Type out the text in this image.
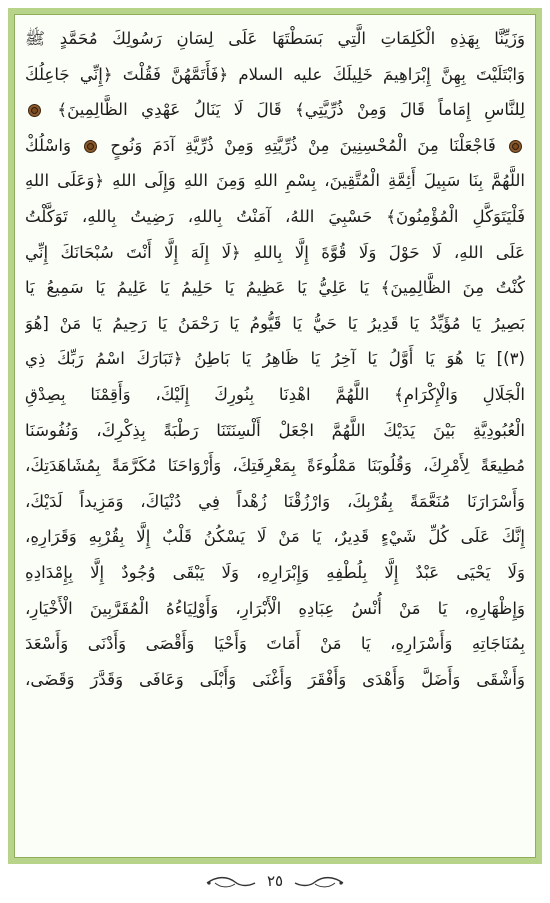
وَزَيِّنَّا بِهَذِهِ الْكَلِمَاتِ الَّتِي بَسَطْتَهَا عَلَى لِسَانِ رَسُولِكَ مُحَمَّدٍ ﷺ
وَابْتَلَيْتَ بِهِنَّ إِبْرَاهِيمَ خَلِيلَكَ عليه السلام ﴿فَأَتَمَّهُنَّ فَقُلْتَ ﴿إِنِّي جَاعِلُكَ
لِلنَّاسِ إِمَاماً قَالَ وَمِنْ ذُرِّيَّتِي﴾ قَالَ لَا يَنَالُ عَهْدِي الظَّالِمِينَ﴾
فَاجْعَلْنَا مِنَ الْمُحْسِنِينَ مِنْ ذُرِّيَّتِهِ وَمِنْ ذُرِّيَّةِ آدَمَ وَنُوحٍ  وَاسْلُكْ
اللَّهُمَّ بِنَا سَبِيلَ أَئِمَّةِ الْمُتَّقِينَ، بِسْمِ اللهِ وَمِنَ اللهِ وَإِلَى اللهِ ﴿وَعَلَى اللهِ
فَلْيَتَوَكَّلِ الْمُؤْمِنُونَ﴾ حَسْبِيَ اللهُ، آمَنْتُ بِاللهِ، رَضِيتُ بِاللهِ، تَوَكَّلْتُ
عَلَى اللهِ، لَا حَوْلَ وَلَا قُوَّةَ إِلَّا بِاللهِ ﴿لَا إِلَهَ إِلَّا أَنْتَ سُبْحَانَكَ إِنِّي
كُنْتُ مِنَ الظَّالِمِينَ﴾ يَا عَلِيُّ يَا عَظِيمُ يَا حَلِيمُ يَا عَلِيمُ يَا سَمِيعُ يَا
بَصِيرُ يَا مُؤَيِّدُ يَا قَدِيرُ يَا حَيُّ يَا قَيُّومُ يَا رَحْمَنُ يَا رَحِيمُ يَا مَنْ [هُوَ
(٣)] يَا هُوَ يَا أَوَّلُ يَا آخِرُ يَا ظَاهِرُ يَا بَاطِنُ ﴿تَبَارَكَ اسْمُ رَبِّكَ ذِي
الْجَلَالِ وَالْإِكْرَامِ﴾ اللَّهُمَّ اهْدِنَا بِنُورِكَ إِلَيْكَ، وَأَقِمْنَا بِصِدْقِ
الْعُبُودِيَّةِ بَيْنَ يَدَيْكَ اللَّهُمَّ اجْعَلْ أَلْسِنَتَنَا رَطْبَةً بِذِكْرِكَ، وَنُفُوسَنَا
مُطِيعَةً لِأَمْرِكَ، وَقُلُوبَنَا مَمْلُوءَةً بِمَعْرِفَتِكَ، وَأَرْوَاحَنَا مُكَرَّمَةً بِمُشَاهَدَتِكَ،
وَأَسْرَارَنَا مُنَعَّمَةً بِقُرْبِكَ، وَارْزُقْنَا زُهْداً فِي دُنْيَاكَ، وَمَزِيداً لَدَيْكَ،
إِنَّكَ عَلَى كُلِّ شَيْءٍ قَدِيرٌ، يَا مَنْ لَا يَسْكُنُ قَلْبٌ إِلَّا بِقُرْبِهِ وَقَرَارِهِ،
وَلَا يَحْيَى عَبْدٌ إِلَّا بِلُطْفِهِ وَإِبْرَارِهِ، وَلَا يَبْقَى وُجُودٌ إِلَّا بِإِمْدَادِهِ
وَإِظْهَارِهِ، يَا مَنْ أُنْسُ عِبَادِهِ الْأَبْرَارِ، وَأَوْلِيَاءُهُ الْمُقَرَّبِينَ الْأَخْيَارِ،
بِمُنَاجَاتِهِ وَأَسْرَارِهِ، يَا مَنْ أَمَاتَ وَأَحْيَا وَأَقْصَى وَأَدْنَى وَأَسْعَدَ
وَأَشْقَى وَأَضَلَّ وَأَهْدَى وَأَفْقَرَ وَأَغْنَى وَأَبْلَى وَعَافَى وَقَدَّرَ وَقَضَى،
٢٥
